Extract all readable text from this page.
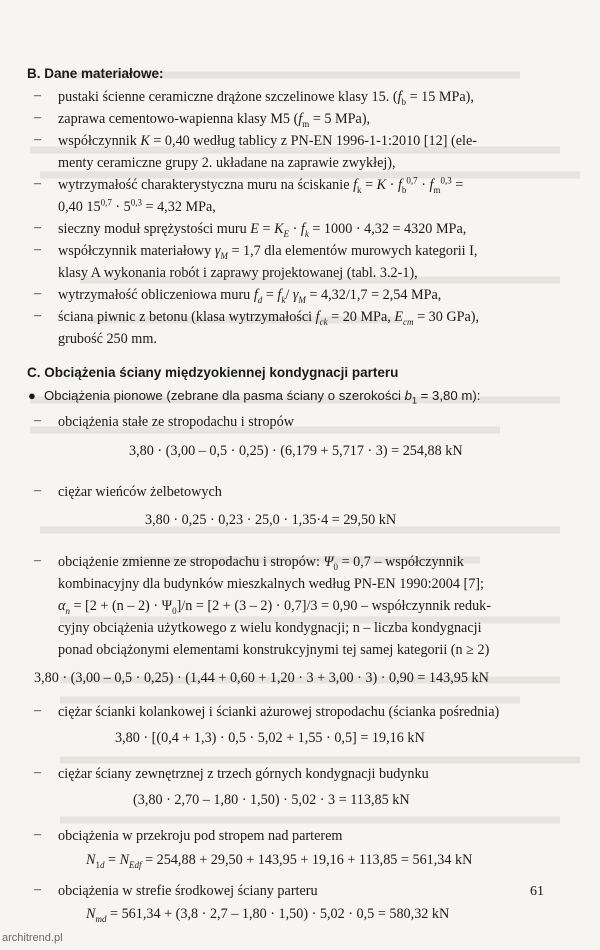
B. Dane materiałowe:
– pustaki ścienne ceramiczne drążone szczelinowe klasy 15. ($f_b = 15$ MPa),
– zaprawa cementowo-wapienna klasy M5 ($f_m = 5$ MPa),
– współczynnik K = 0,40 według tablicy z PN-EN 1996-1-1:2010 [12] (ele-
menty ceramiczne grupy 2. układane na zaprawie zwykłej),
– wytrzymałość charakterystyczna muru na ściskanie $f_k = K \cdot f_b^{0,7} \cdot f_m^{0,3}$ =
0,40 $15^{0,7} \cdot 5^{0,3} = 4,32$ MPa,
– sieczny moduł sprężystości muru $E = K_E \cdot f_k = 1000 \cdot 4,32 = 4320$ MPa,
– współczynnik materiałowy $\gamma_M = 1,7$ dla elementów murowych kategorii I,
klasy A wykonania robót i zaprawy projektowanej (tabl. 3.2-1),
– wytrzymałość obliczeniowa muru $f_d = f_k/$ $\gamma_M = 4,32/1,7 = 2,54$ MPa,
– ściana piwnic z betonu (klasa wytrzymałości $f_{ck} = 20$ MPa, $E_{cm} = 30$ GPa),
grubość 250 mm.
C. Obciążenia ściany międzyokiennej kondygnacji parteru
● Obciążenia pionowe (zebrane dla pasma ściany o szerokości $b_1 = 3,80$ m):
– obciążenia stałe ze stropodachu i stropów
3,80 · (3,00 – 0,5 · 0,25) · (6,179 + 5,717 · 3) = 254,88 kN
– ciężar wieńców żelbetowych
3,80 · 0,25 · 0,23 · 25,0 · 1,35·4 = 29,50 kN
– obciążenie zmienne ze stropodachu i stropów: $\Psi_0 = 0,7$ – współczynnik
kombinacyjny dla budynków mieszkalnych według PN-EN 1990:2004 [7];
$\alpha_n = [2 + (n - 2) \cdot \Psi_0]/n = [2 + (3 - 2) \cdot 0,7]/3 = 0,90$ – współczynnik reduk-
cyjny obciążenia użytkowego z wielu kondygnacji; n – liczba kondygnacji
ponad obciążonymi elementami konstrukcyjnymi tej samej kategorii (n ≥ 2)
3,80 · (3,00 – 0,5 · 0,25) · (1,44 + 0,60 + 1,20 · 3 + 3,00 · 3) · 0,90 = 143,95 kN
– ciężar ścianki kolankowej i ścianki ażurowej stropodachu (ścianka pośrednia)
3,80 · [(0,4 + 1,3) · 0,5 · 5,02 + 1,55 · 0,5] = 19,16 kN
– ciężar ściany zewnętrznej z trzech górnych kondygnacji budynku
(3,80 · 2,70 – 1,80 · 1,50) · 5,02 · 3 = 113,85 kN
– obciążenia w przekroju pod stropem nad parterem
$N_{1d} = N_{Edf} = 254,88 + 29,50 + 143,95 + 19,16 + 113,85 = 561,34$ kN
– obciążenia w strefie środkowej ściany parteru
$N_{md} = 561,34 + (3,8 \cdot 2,7 - 1,80 \cdot 1,50) \cdot 5,02 \cdot 0,5 = 580,32$ kN
61
architrend.pl
